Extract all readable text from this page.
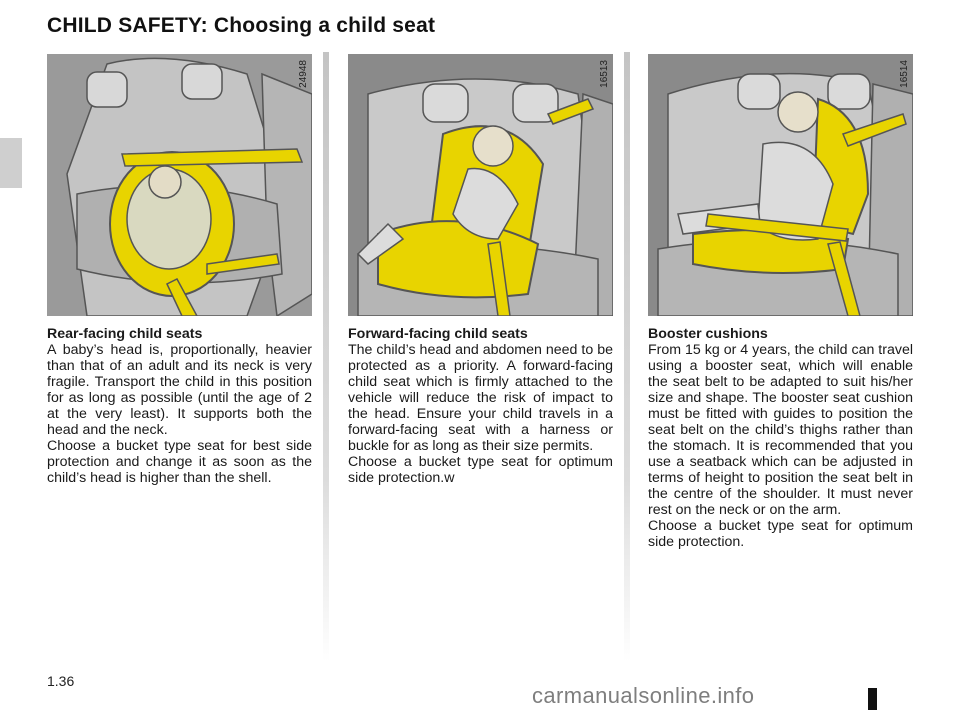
CHILD SAFETY: Choosing a child seat
24948
Rear-facing child seats

A baby’s head is, proportionally, heavier than that of an adult and its neck is very fragile. Transport the child in this position for as long as possible (until the age of 2 at the very least). It supports both the head and the neck.

Choose a bucket type seat for best side protection and change it as soon as the child’s head is higher than the shell.

16513
Forward-facing child seats

The child’s head and abdomen need to be protected as a priority. A forward-facing child seat which is firmly attached to the vehicle will reduce the risk of impact to the head. Ensure your child travels in a forward-facing seat with a harness or buckle for as long as their size permits.

Choose a bucket type seat for optimum side protection.w

16514
Booster cushions

From 15 kg or 4 years, the child can travel using a booster seat, which will enable the seat belt to be adapted to suit his/her size and shape. The booster seat cushion must be fitted with guides to position the seat belt on the child’s thighs rather than the stomach. It is recommended that you use a seatback which can be adjusted in terms of height to position the seat belt in the centre of the shoulder. It must never rest on the neck or on the arm.

Choose a bucket type seat for optimum side protection.

1.36
carmanualsonline.info
